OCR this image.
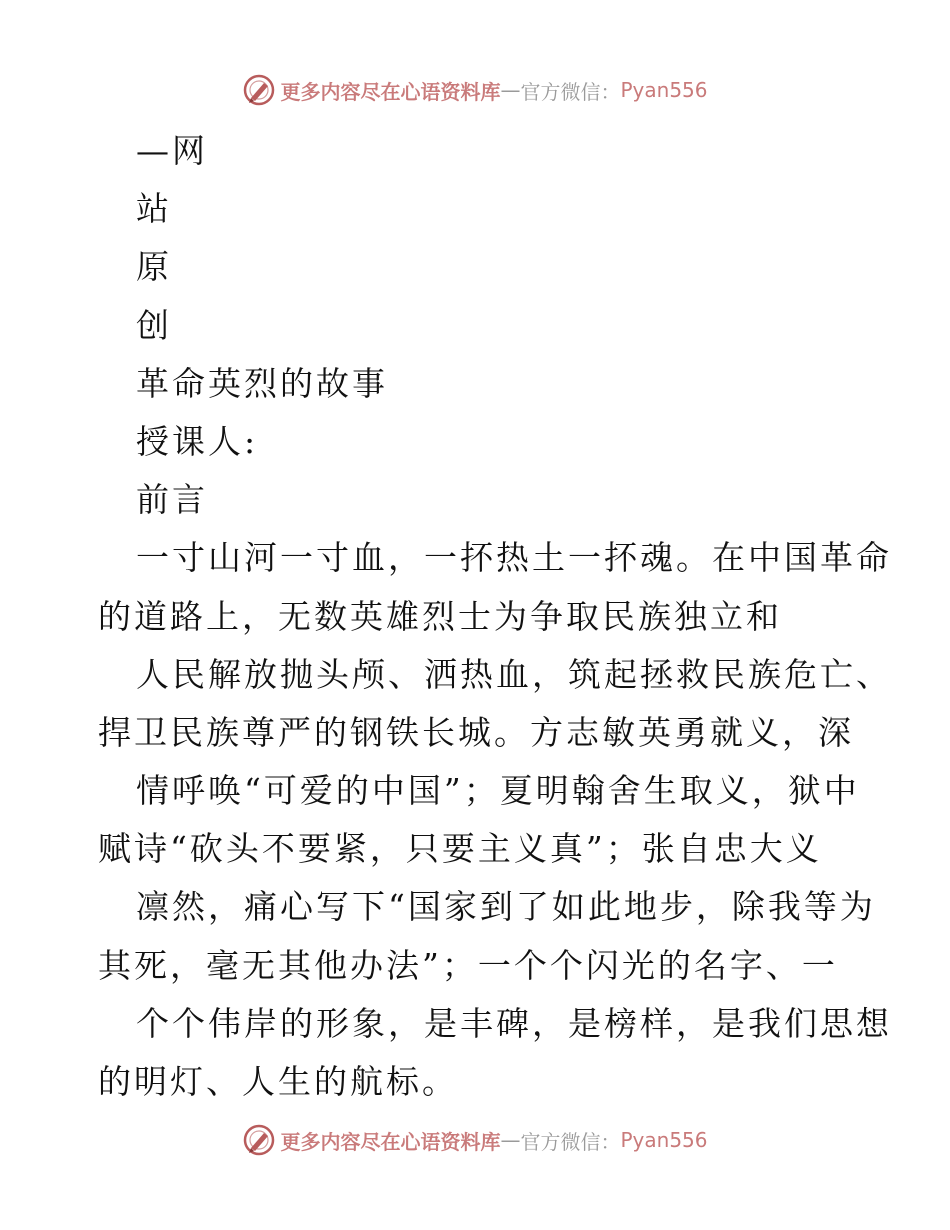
更多内容尽在心语资料库 — 官方微信 ： Pyan556
—网
站
原
创
革命英烈的故事
授课人:
前言
一寸山河一寸血，一抔热土一抔魂。在中国革命
的道路上，无数英雄烈士为争取民族独立和
人民解放抛头颅、洒热血，筑起拯救民族危亡、
捍卫民族尊严的钢铁长城。方志敏英勇就义，深
情呼唤“可爱的中国”；夏明翰舍生取义，狱中
赋诗“砍头不要紧，只要主义真”；张自忠大义
凛然，痛心写下“国家到了如此地步，除我等为
其死，毫无其他办法”；一个个闪光的名字、一
个个伟岸的形象，是丰碑，是榜样，是我们思想
的明灯、人生的航标。
更多内容尽在心语资料库 — 官方微信 ： Pyan556
